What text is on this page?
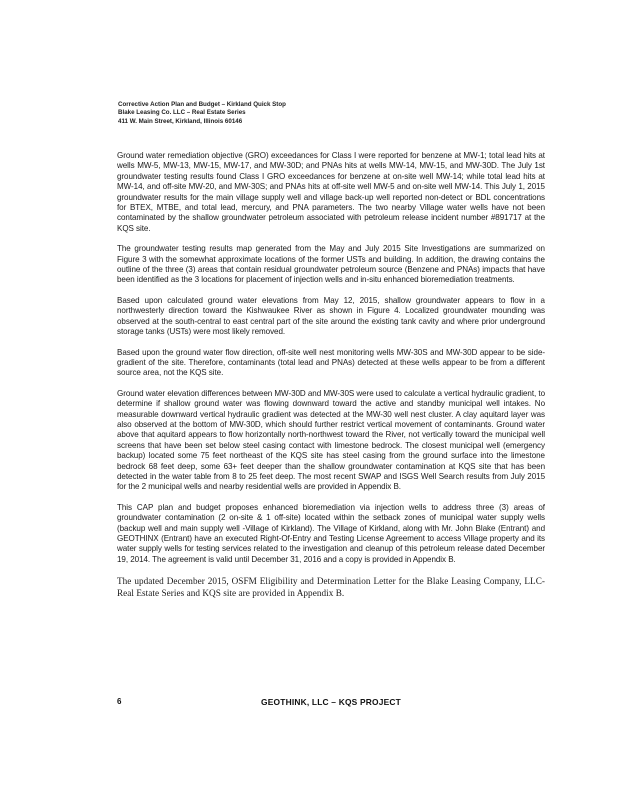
Corrective Action Plan and Budget – Kirkland Quick Stop
Blake Leasing Co. LLC – Real Estate Series
411 W. Main Street, Kirkland, Illinois 60146

Ground water remediation objective (GRO) exceedances for Class I were reported for benzene at MW-1; total lead hits at wells MW-5, MW-13, MW-15, MW-17, and MW-30D; and PNAs hits at wells MW-14, MW-15, and MW-30D. The July 1st groundwater testing results found Class I GRO exceedances for benzene at on-site well MW-14; while total lead hits at MW-14, and off-site MW-20, and MW-30S; and PNAs hits at off-site well MW-5 and on-site well MW-14. This July 1, 2015 groundwater results for the main village supply well and village back-up well reported non-detect or BDL concentrations for BTEX, MTBE, and total lead, mercury, and PNA parameters. The two nearby Village water wells have not been contaminated by the shallow groundwater petroleum associated with petroleum release incident number #891717 at the KQS site.

The groundwater testing results map generated from the May and July 2015 Site Investigations are summarized on Figure 3 with the somewhat approximate locations of the former USTs and building. In addition, the drawing contains the outline of the three (3) areas that contain residual groundwater petroleum source (Benzene and PNAs) impacts that have been identified as the 3 locations for placement of injection wells and in-situ enhanced bioremediation treatments.

Based upon calculated ground water elevations from May 12, 2015, shallow groundwater appears to flow in a northwesterly direction toward the Kishwaukee River as shown in Figure 4. Localized groundwater mounding was observed at the south-central to east central part of the site around the existing tank cavity and where prior underground storage tanks (USTs) were most likely removed.

Based upon the ground water flow direction, off-site well nest monitoring wells MW-30S and MW-30D appear to be side-gradient of the site. Therefore, contaminants (total lead and PNAs) detected at these wells appear to be from a different source area, not the KQS site.

Ground water elevation differences between MW-30D and MW-30S were used to calculate a vertical hydraulic gradient, to determine if shallow ground water was flowing downward toward the active and standby municipal well intakes. No measurable downward vertical hydraulic gradient was detected at the MW-30 well nest cluster. A clay aquitard layer was also observed at the bottom of MW-30D, which should further restrict vertical movement of contaminants. Ground water above that aquitard appears to flow horizontally north-northwest toward the River, not vertically toward the municipal well screens that have been set below steel casing contact with limestone bedrock. The closest municipal well (emergency backup) located some 75 feet northeast of the KQS site has steel casing from the ground surface into the limestone bedrock 68 feet deep, some 63+ feet deeper than the shallow groundwater contamination at KQS site that has been detected in the water table from 8 to 25 feet deep. The most recent SWAP and ISGS Well Search results from July 2015 for the 2 municipal wells and nearby residential wells are provided in Appendix B.

This CAP plan and budget proposes enhanced bioremediation via injection wells to address three (3) areas of groundwater contamination (2 on-site & 1 off-site) located within the setback zones of municipal water supply wells (backup well and main supply well -Village of Kirkland). The Village of Kirkland, along with Mr. John Blake (Entrant) and GEOTHINX (Entrant) have an executed Right-Of-Entry and Testing License Agreement to access Village property and its water supply wells for testing services related to the investigation and cleanup of this petroleum release dated December 19, 2014. The agreement is valid until December 31, 2016 and a copy is provided in Appendix B.

The updated December 2015, OSFM Eligibility and Determination Letter for the Blake Leasing Company, LLC-Real Estate Series and KQS site are provided in Appendix B.

6	GEOTHINK, LLC – KQS PROJECT
